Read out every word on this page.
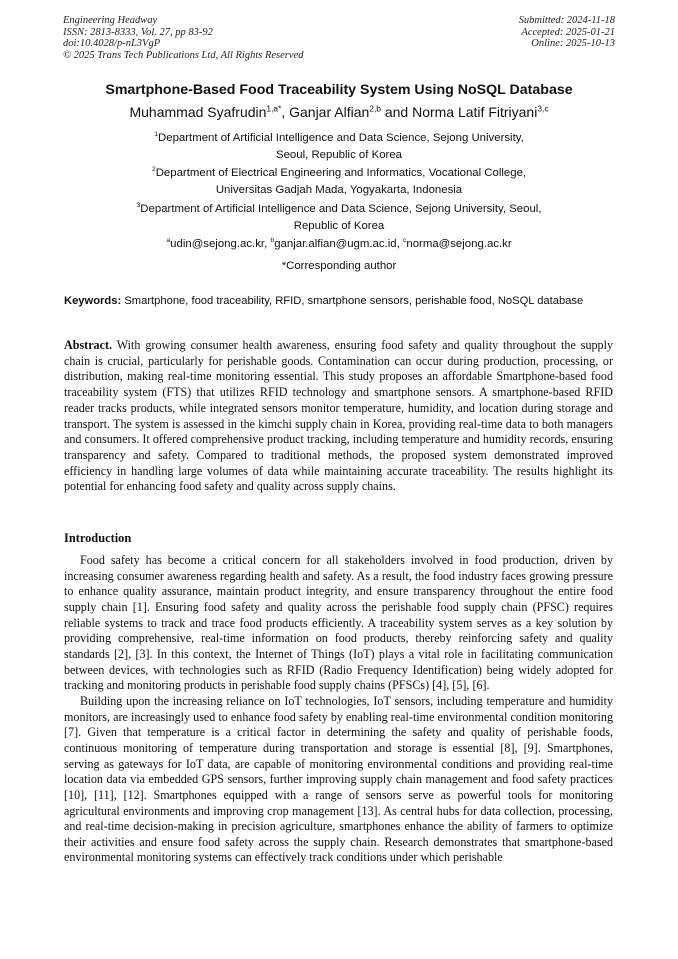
Engineering Headway
ISSN: 2813-8333, Vol. 27, pp 83-92
doi:10.4028/p-nL3VgP
© 2025 Trans Tech Publications Ltd, All Rights Reserved
Submitted: 2024-11-18
Accepted: 2025-01-21
Online: 2025-10-13
Smartphone-Based Food Traceability System Using NoSQL Database
Muhammad Syafrudin$^{1,a*}$, Ganjar Alfian$^{2,b}$ and Norma Latif Fitriyani$^{3,c}$
$^1$Department of Artificial Intelligence and Data Science, Sejong University,
Seoul, Republic of Korea
$^2$Department of Electrical Engineering and Informatics, Vocational College,
Universitas Gadjah Mada, Yogyakarta, Indonesia
$^3$Department of Artificial Intelligence and Data Science, Sejong University, Seoul,
Republic of Korea
$^a$udin@sejong.ac.kr, $^b$ganjar.alfian@ugm.ac.id, $^c$norma@sejong.ac.kr
*Corresponding author
Keywords: Smartphone, food traceability, RFID, smartphone sensors, perishable food, NoSQL database
Abstract. With growing consumer health awareness, ensuring food safety and quality throughout the supply chain is crucial, particularly for perishable goods. Contamination can occur during production, processing, or distribution, making real-time monitoring essential. This study proposes an affordable Smartphone-based food traceability system (FTS) that utilizes RFID technology and smartphone sensors. A smartphone-based RFID reader tracks products, while integrated sensors monitor temperature, humidity, and location during storage and transport. The system is assessed in the kimchi supply chain in Korea, providing real-time data to both managers and consumers. It offered comprehensive product tracking, including temperature and humidity records, ensuring transparency and safety. Compared to traditional methods, the proposed system demonstrated improved efficiency in handling large volumes of data while maintaining accurate traceability. The results highlight its potential for enhancing food safety and quality across supply chains.
Introduction

Food safety has become a critical concern for all stakeholders involved in food production, driven by increasing consumer awareness regarding health and safety. As a result, the food industry faces growing pressure to enhance quality assurance, maintain product integrity, and ensure transparency throughout the entire food supply chain [1]. Ensuring food safety and quality across the perishable food supply chain (PFSC) requires reliable systems to track and trace food products efficiently. A traceability system serves as a key solution by providing comprehensive, real-time information on food products, thereby reinforcing safety and quality standards [2], [3]. In this context, the Internet of Things (IoT) plays a vital role in facilitating communication between devices, with technologies such as RFID (Radio Frequency Identification) being widely adopted for tracking and monitoring products in perishable food supply chains (PFSCs) [4], [5], [6].

Building upon the increasing reliance on IoT technologies, IoT sensors, including temperature and humidity monitors, are increasingly used to enhance food safety by enabling real-time environmental condition monitoring [7]. Given that temperature is a critical factor in determining the safety and quality of perishable foods, continuous monitoring of temperature during transportation and storage is essential [8], [9]. Smartphones, serving as gateways for IoT data, are capable of monitoring environmental conditions and providing real-time location data via embedded GPS sensors, further improving supply chain management and food safety practices [10], [11], [12]. Smartphones equipped with a range of sensors serve as powerful tools for monitoring agricultural environments and improving crop management [13]. As central hubs for data collection, processing, and real-time decision-making in precision agriculture, smartphones enhance the ability of farmers to optimize their activities and ensure food safety across the supply chain. Research demonstrates that smartphone-based environmental monitoring systems can effectively track conditions under which perishable
